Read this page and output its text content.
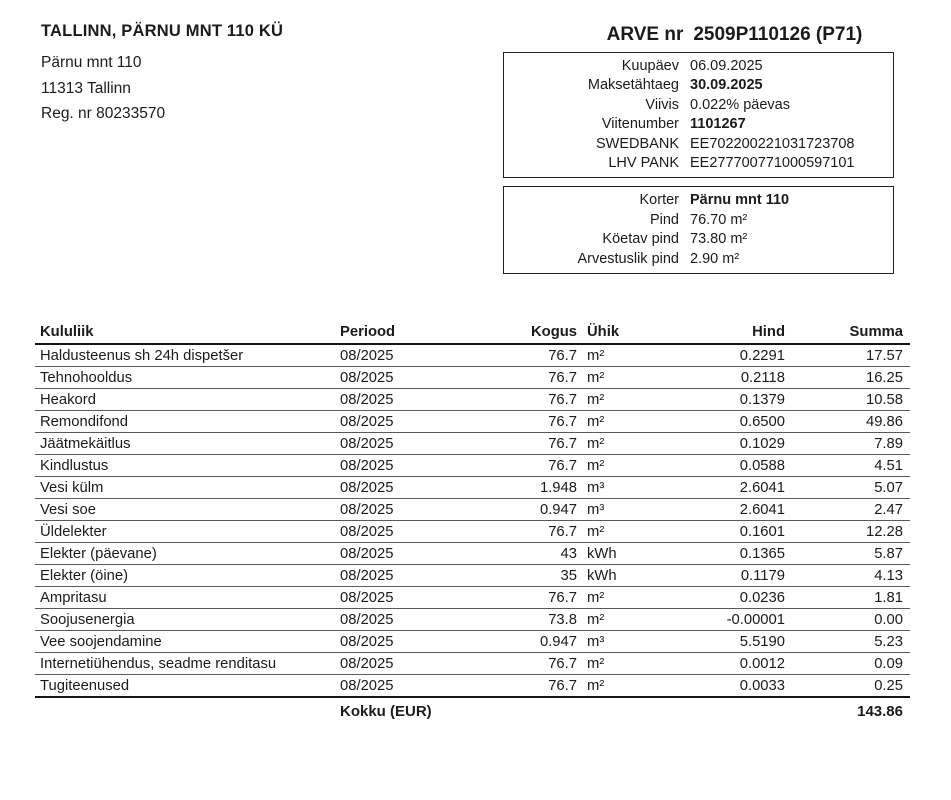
TALLINN, PÄRNU MNT 110 KÜ
Pärnu mnt 110
11313 Tallinn
Reg. nr 80233570
ARVE nr 2509P110126 (P71)
Kuupäev 06.09.2025
Maksetähtaeg 30.09.2025
Viivis 0.022% päevas
Viitenumber 1101267
SWEDBANK EE702200221031723708
LHV PANK EE277700771000597101
Korter Pärnu mnt 110
Pind 76.70 m²
Köetav pind 73.80 m²
Arvestuslik pind 2.90 m²
Kululiik	Periood	Kogus Ühik	Hind	Summa
Haldusteenus sh 24h dispetšer	08/2025	76.7 m²	0.2291	17.57
Tehnohooldus	08/2025	76.7 m²	0.2118	16.25
Heakord	08/2025	76.7 m²	0.1379	10.58
Remondifond	08/2025	76.7 m²	0.6500	49.86
Jäätmekäitlus	08/2025	76.7 m²	0.1029	7.89
Kindlustus	08/2025	76.7 m²	0.0588	4.51
Vesi külm	08/2025	1.948 m³	2.6041	5.07
Vesi soe	08/2025	0.947 m³	2.6041	2.47
Üldelekter	08/2025	76.7 m²	0.1601	12.28
Elekter (päevane)	08/2025	43 kWh	0.1365	5.87
Elekter (öine)	08/2025	35 kWh	0.1179	4.13
Ampritasu	08/2025	76.7 m²	0.0236	1.81
Soojusenergia	08/2025	73.8 m²	-0.00001	0.00
Vee soojendamine	08/2025	0.947 m³	5.5190	5.23
Internetiühendus, seadme renditasu	08/2025	76.7 m²	0.0012	0.09
Tugiteenused	08/2025	76.7 m²	0.0033	0.25
Kokku (EUR)	143.86
